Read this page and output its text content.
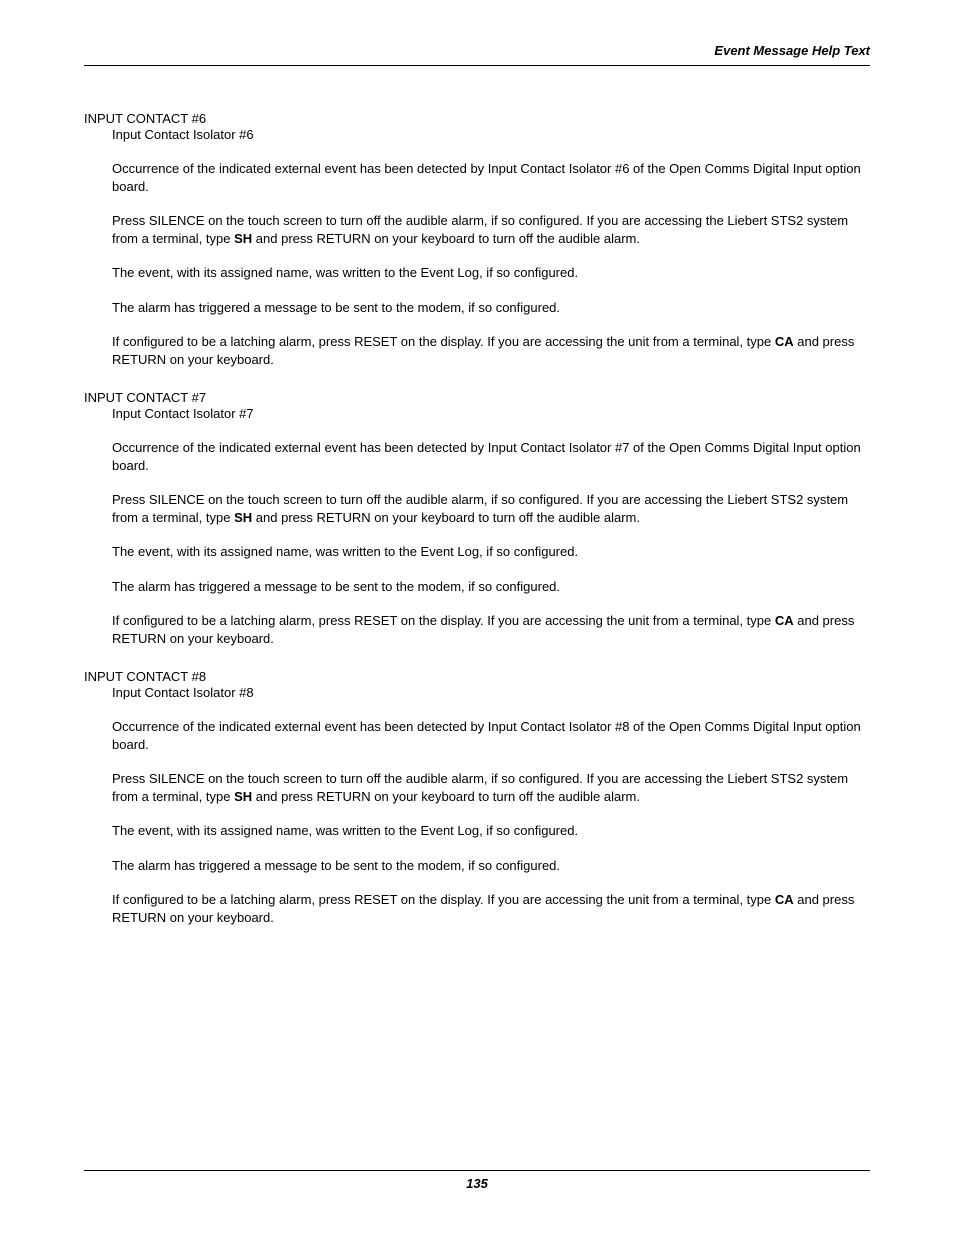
Event Message Help Text

INPUT CONTACT #6

Input Contact Isolator #6

Occurrence of the indicated external event has been detected by Input Contact Isolator #6 of the Open Comms Digital Input option board.

Press SILENCE on the touch screen to turn off the audible alarm, if so configured. If you are accessing the Liebert STS2 system from a terminal, type SH and press RETURN on your keyboard to turn off the audible alarm.

The event, with its assigned name, was written to the Event Log, if so configured.

The alarm has triggered a message to be sent to the modem, if so configured.

If configured to be a latching alarm, press RESET on the display. If you are accessing the unit from a terminal, type CA and press RETURN on your keyboard.

INPUT CONTACT #7

Input Contact Isolator #7

Occurrence of the indicated external event has been detected by Input Contact Isolator #7 of the Open Comms Digital Input option board.

Press SILENCE on the touch screen to turn off the audible alarm, if so configured. If you are accessing the Liebert STS2 system from a terminal, type SH and press RETURN on your keyboard to turn off the audible alarm.

The event, with its assigned name, was written to the Event Log, if so configured.

The alarm has triggered a message to be sent to the modem, if so configured.

If configured to be a latching alarm, press RESET on the display. If you are accessing the unit from a terminal, type CA and press RETURN on your keyboard.

INPUT CONTACT #8

Input Contact Isolator #8

Occurrence of the indicated external event has been detected by Input Contact Isolator #8 of the Open Comms Digital Input option board.

Press SILENCE on the touch screen to turn off the audible alarm, if so configured. If you are accessing the Liebert STS2 system from a terminal, type SH and press RETURN on your keyboard to turn off the audible alarm.

The event, with its assigned name, was written to the Event Log, if so configured.

The alarm has triggered a message to be sent to the modem, if so configured.

If configured to be a latching alarm, press RESET on the display. If you are accessing the unit from a terminal, type CA and press RETURN on your keyboard.

135
